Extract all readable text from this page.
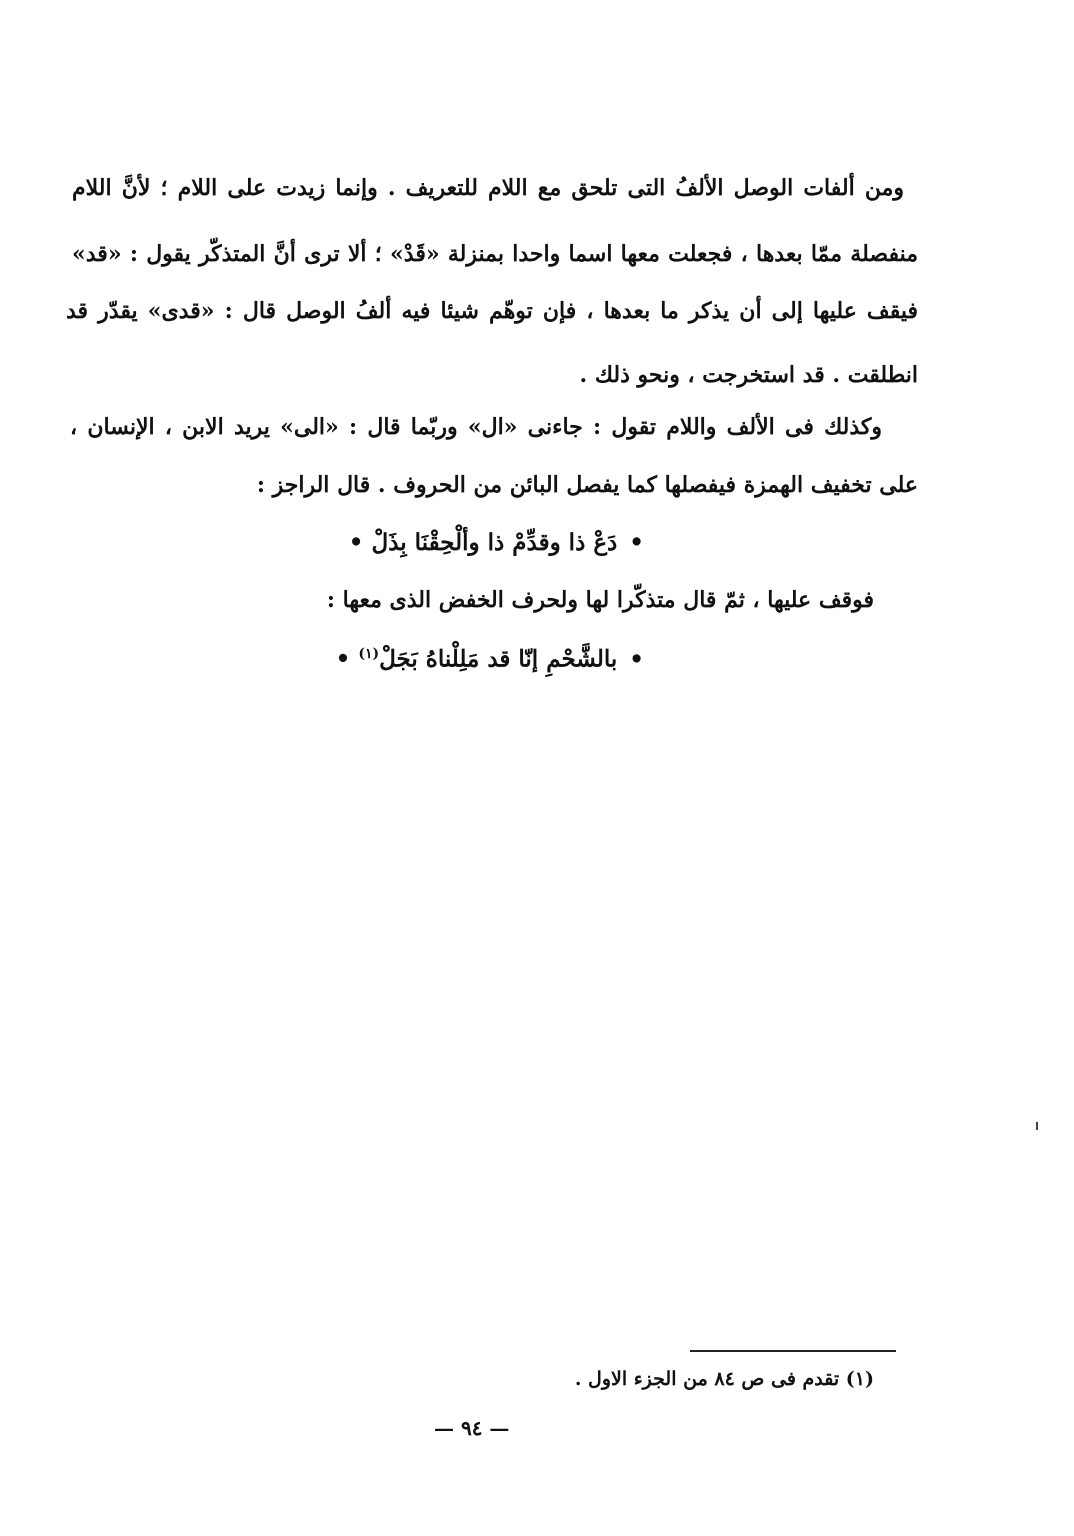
ومن ألفات الوصل الألفُ التى تلحق مع اللام للتعريف . وإنما زيدت على اللام ؛ لأنَّ اللام
منفصلة ممّا بعدها ، فجعلت معها اسما واحدا بمنزلة «قَدْ» ؛ ألا ترى أنَّ المتذكّر يقول : «قد»
فيقف عليها إلى أن يذكر ما بعدها ، فإن توهّم شيئا فيه ألفُ الوصل قال : «قدى» يقدّر قد
انطلقت . قد استخرجت ، ونحو ذلك .
وكذلك فى الألف واللام تقول : جاءنى «ال» وربّما قال : «الى» يريد الابن ، الإنسان ،
على تخفيف الهمزة فيفصلها كما يفصل البائن من الحروف . قال الراجز :
•دَعْ ذا وقدِّمْ ذا وألْحِقْنَا بِذَلْ •
فوقف عليها ، ثمّ قال متذكّرا لها ولحرف الخفض الذى معها :
•بالشَّحْمِ إنّا قد مَلِلْناهُ بَجَلْ$^{(١)}$ •
(١) تقدم فى ص ٨٤ من الجزء الاول .
— ٩٤ —
